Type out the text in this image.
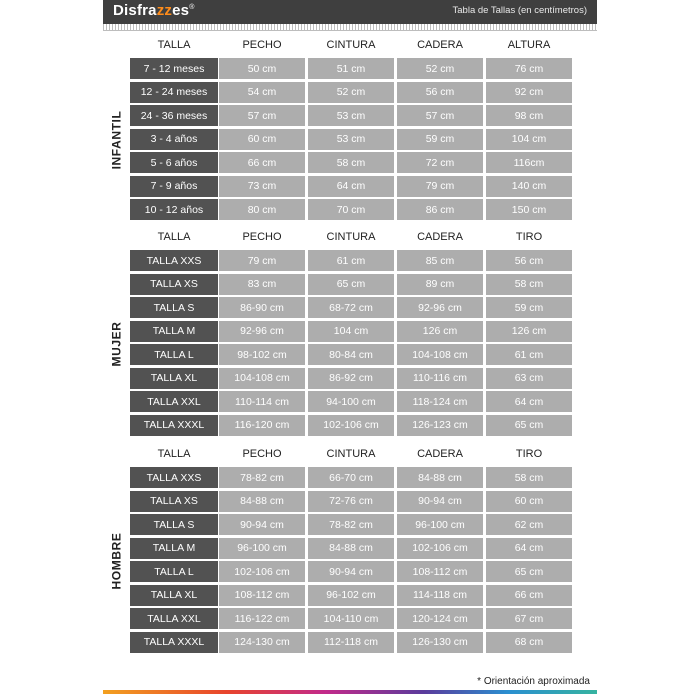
Disfrazzes®	Tabla de Tallas (en centímetros)
TALLA	PECHO	CINTURA	CADERA	ALTURA
7 - 12 meses	50 cm	51 cm	52 cm	76 cm
12 - 24 meses	54 cm	52 cm	56 cm	92 cm
24 - 36 meses	57 cm	53 cm	57 cm	98 cm
3 - 4 años	60 cm	53 cm	59 cm	104 cm
5 - 6 años	66 cm	58 cm	72 cm	116cm
7 - 9 años	73 cm	64 cm	79 cm	140 cm
10 - 12 años	80 cm	70 cm	86 cm	150 cm
INFANTIL
TALLA	PECHO	CINTURA	CADERA	TIRO
TALLA XXS	79 cm	61 cm	85 cm	56 cm
TALLA XS	83 cm	65 cm	89 cm	58 cm
TALLA S	86-90 cm	68-72 cm	92-96 cm	59 cm
TALLA M	92-96 cm	104 cm	126 cm	126 cm
TALLA L	98-102 cm	80-84 cm	104-108 cm	61 cm
TALLA XL	104-108 cm	86-92 cm	110-116 cm	63 cm
TALLA XXL	110-114 cm	94-100 cm	118-124 cm	64 cm
TALLA XXXL	116-120 cm	102-106 cm	126-123 cm	65 cm
MUJER
TALLA	PECHO	CINTURA	CADERA	TIRO
TALLA XXS	78-82 cm	66-70 cm	84-88 cm	58 cm
TALLA XS	84-88 cm	72-76 cm	90-94 cm	60 cm
TALLA S	90-94 cm	78-82 cm	96-100 cm	62 cm
TALLA M	96-100 cm	84-88 cm	102-106 cm	64 cm
TALLA L	102-106 cm	90-94 cm	108-112 cm	65 cm
TALLA XL	108-112 cm	96-102 cm	114-118 cm	66 cm
TALLA XXL	116-122 cm	104-110 cm	120-124 cm	67 cm
TALLA XXXL	124-130 cm	112-118 cm	126-130 cm	68 cm
HOMBRE
* Orientación aproximada
